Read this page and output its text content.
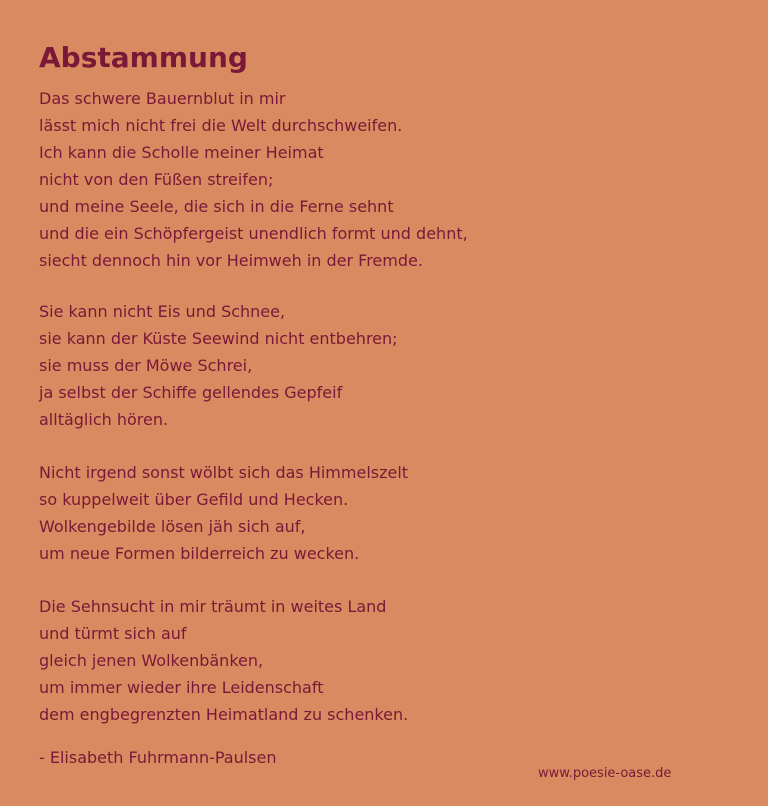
Abstammung
Das schwere Bauernblut in mir
lässt mich nicht frei die Welt durchschweifen.
Ich kann die Scholle meiner Heimat
nicht von den Füßen streifen;
und meine Seele, die sich in die Ferne sehnt
und die ein Schöpfergeist unendlich formt und dehnt,
siecht dennoch hin vor Heimweh in der Fremde.
Sie kann nicht Eis und Schnee,
sie kann der Küste Seewind nicht entbehren;
sie muss der Möwe Schrei,
ja selbst der Schiffe gellendes Gepfeif
alltäglich hören.
Nicht irgend sonst wölbt sich das Himmelszelt
so kuppelweit über Gefild und Hecken.
Wolkengebilde lösen jäh sich auf,
um neue Formen bilderreich zu wecken.
Die Sehnsucht in mir träumt in weites Land
und türmt sich auf
gleich jenen Wolkenbänken,
um immer wieder ihre Leidenschaft
dem engbegrenzten Heimatland zu schenken.
- Elisabeth Fuhrmann-Paulsen
www.poesie-oase.de
